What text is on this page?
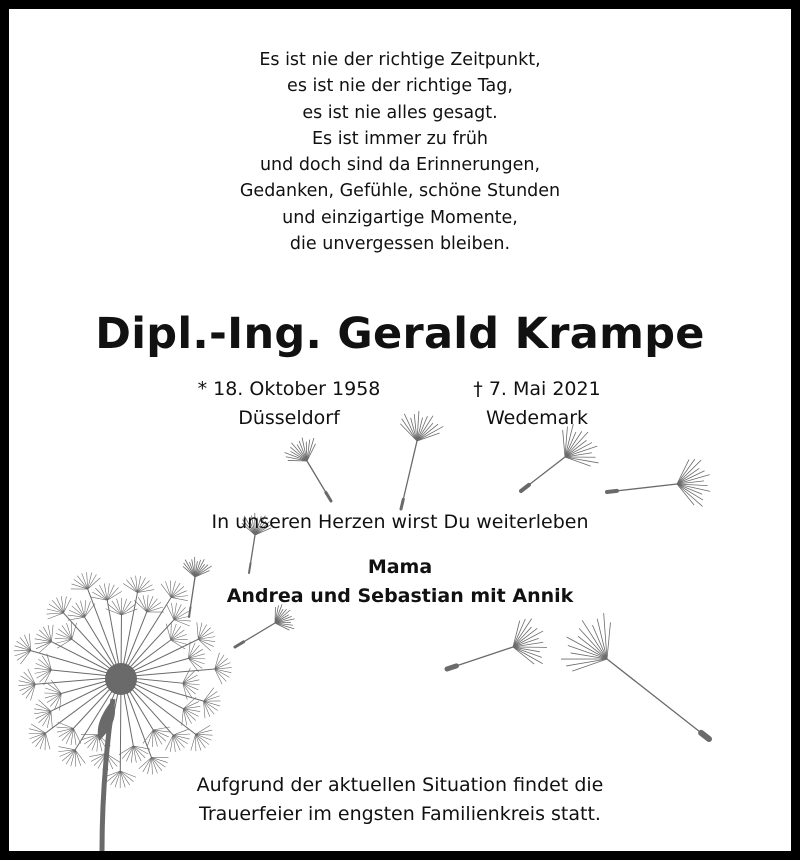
Es ist nie der richtige Zeitpunkt,
es ist nie der richtige Tag,
es ist nie alles gesagt.
Es ist immer zu früh
und doch sind da Erinnerungen,
Gedanken, Gefühle, schöne Stunden
und einzigartige Momente,
die unvergessen bleiben.
Dipl.-Ing. Gerald Krampe
* 18. Oktober 1958
Düsseldorf
† 7. Mai 2021
Wedemark
In unseren Herzen wirst Du weiterleben
Mama
Andrea und Sebastian mit Annik
Aufgrund der aktuellen Situation findet die
Trauerfeier im engsten Familienkreis statt.
